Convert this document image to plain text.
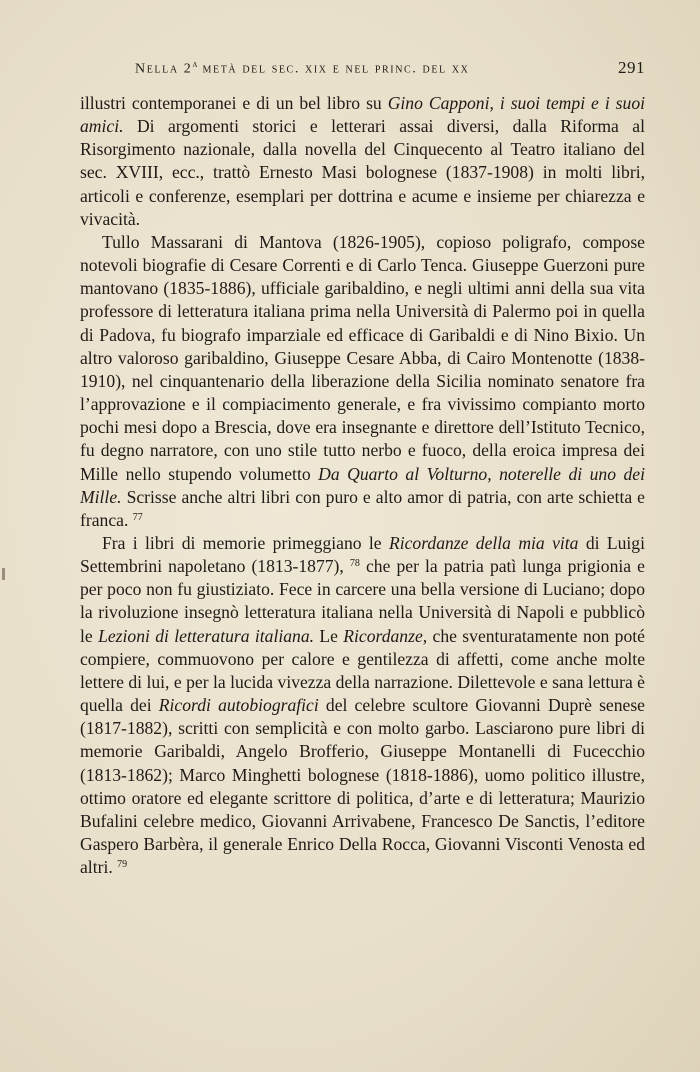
Nella 2$^a$ metà del sec. xix e nel princ. del xx	291

illustri contemporanei e di un bel libro su Gino Capponi, i suoi tempi e i suoi amici. Di argomenti storici e letterari assai diversi, dalla Riforma al Risorgimento nazionale, dalla novella del Cinquecento al Teatro italiano del sec. XVIII, ecc., trattò Ernesto Masi bolognese (1837-1908) in molti libri, articoli e conferenze, esemplari per dottrina e acume e insieme per chiarezza e vivacità.

Tullo Massarani di Mantova (1826-1905), copioso poligrafo, compose notevoli biografie di Cesare Correnti e di Carlo Tenca. Giuseppe Guerzoni pure mantovano (1835-1886), ufficiale garibaldino, e negli ultimi anni della sua vita professore di letteratura italiana prima nella Università di Palermo poi in quella di Padova, fu biografo imparziale ed efficace di Garibaldi e di Nino Bixio. Un altro valoroso garibaldino, Giuseppe Cesare Abba, di Cairo Montenotte (1838-1910), nel cinquantenario della liberazione della Sicilia nominato senatore fra l’approvazione e il compiacimento generale, e fra vivissimo compianto morto pochi mesi dopo a Brescia, dove era insegnante e direttore dell’Istituto Tecnico, fu degno narratore, con uno stile tutto nerbo e fuoco, della eroica impresa dei Mille nello stupendo volumetto Da Quarto al Volturno, noterelle di uno dei Mille. Scrisse anche altri libri con puro e alto amor di patria, con arte schietta e franca. $^{77}$

Fra i libri di memorie primeggiano le Ricordanze della mia vita di Luigi Settembrini napoletano (1813-1877), $^{78}$ che per la patria patì lunga prigionia e per poco non fu giustiziato. Fece in carcere una bella versione di Luciano; dopo la rivoluzione insegnò letteratura italiana nella Università di Napoli e pubblicò le Lezioni di letteratura italiana. Le Ricordanze, che sventuratamente non poté compiere, commuovono per calore e gentilezza di affetti, come anche molte lettere di lui, e per la lucida vivezza della narrazione. Dilettevole e sana lettura è quella dei Ricordi autobiografici del celebre scultore Giovanni Duprè senese (1817-1882), scritti con semplicità e con molto garbo. Lasciarono pure libri di memorie Garibaldi, Angelo Brofferio, Giuseppe Montanelli di Fucecchio (1813-1862); Marco Minghetti bolognese (1818-1886), uomo politico illustre, ottimo oratore ed elegante scrittore di politica, d’arte e di letteratura; Maurizio Bufalini celebre medico, Giovanni Arrivabene, Francesco De Sanctis, l’editore Gaspero Barbèra, il generale Enrico Della Rocca, Giovanni Visconti Venosta ed altri. $^{79}$
